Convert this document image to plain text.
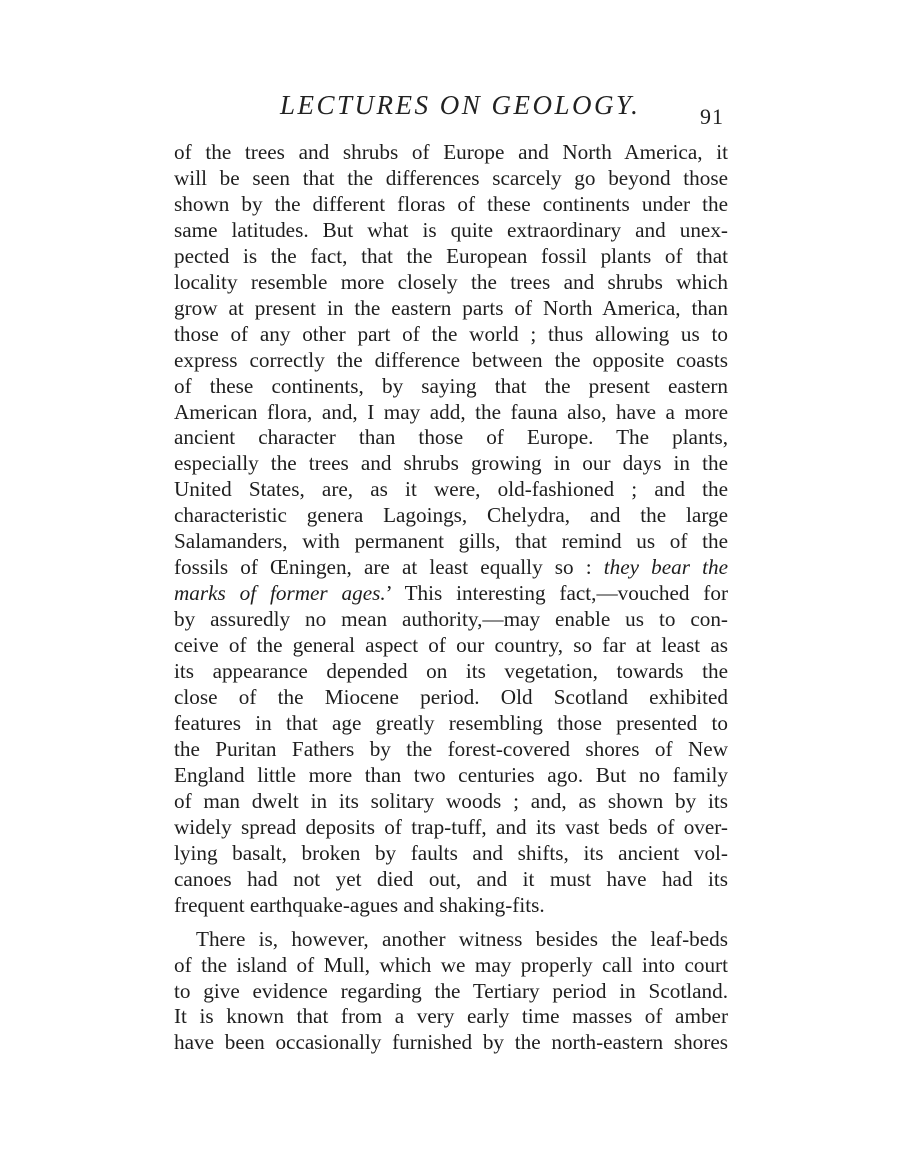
LECTURES ON GEOLOGY.	91
of the trees and shrubs of Europe and North America, it
will be seen that the differences scarcely go beyond those
shown by the different floras of these continents under the
same latitudes. But what is quite extraordinary and unex-
pected is the fact, that the European fossil plants of that
locality resemble more closely the trees and shrubs which
grow at present in the eastern parts of North America, than
those of any other part of the world ; thus allowing us to
express correctly the difference between the opposite coasts
of these continents, by saying that the present eastern
American flora, and, I may add, the fauna also, have a more
ancient character than those of Europe. The plants,
especially the trees and shrubs growing in our days in the
United States, are, as it were, old-fashioned ; and the
characteristic genera Lagoings, Chelydra, and the large
Salamanders, with permanent gills, that remind us of the
fossils of Œningen, are at least equally so : they bear the
marks of former ages.’ This interesting fact,—vouched for
by assuredly no mean authority,—may enable us to con-
ceive of the general aspect of our country, so far at least as
its appearance depended on its vegetation, towards the
close of the Miocene period. Old Scotland exhibited
features in that age greatly resembling those presented to
the Puritan Fathers by the forest-covered shores of New
England little more than two centuries ago. But no family
of man dwelt in its solitary woods ; and, as shown by its
widely spread deposits of trap-tuff, and its vast beds of over-
lying basalt, broken by faults and shifts, its ancient vol-
canoes had not yet died out, and it must have had its
frequent earthquake-agues and shaking-fits.
There is, however, another witness besides the leaf-beds
of the island of Mull, which we may properly call into court
to give evidence regarding the Tertiary period in Scotland.
It is known that from a very early time masses of amber
have been occasionally furnished by the north-eastern shores
